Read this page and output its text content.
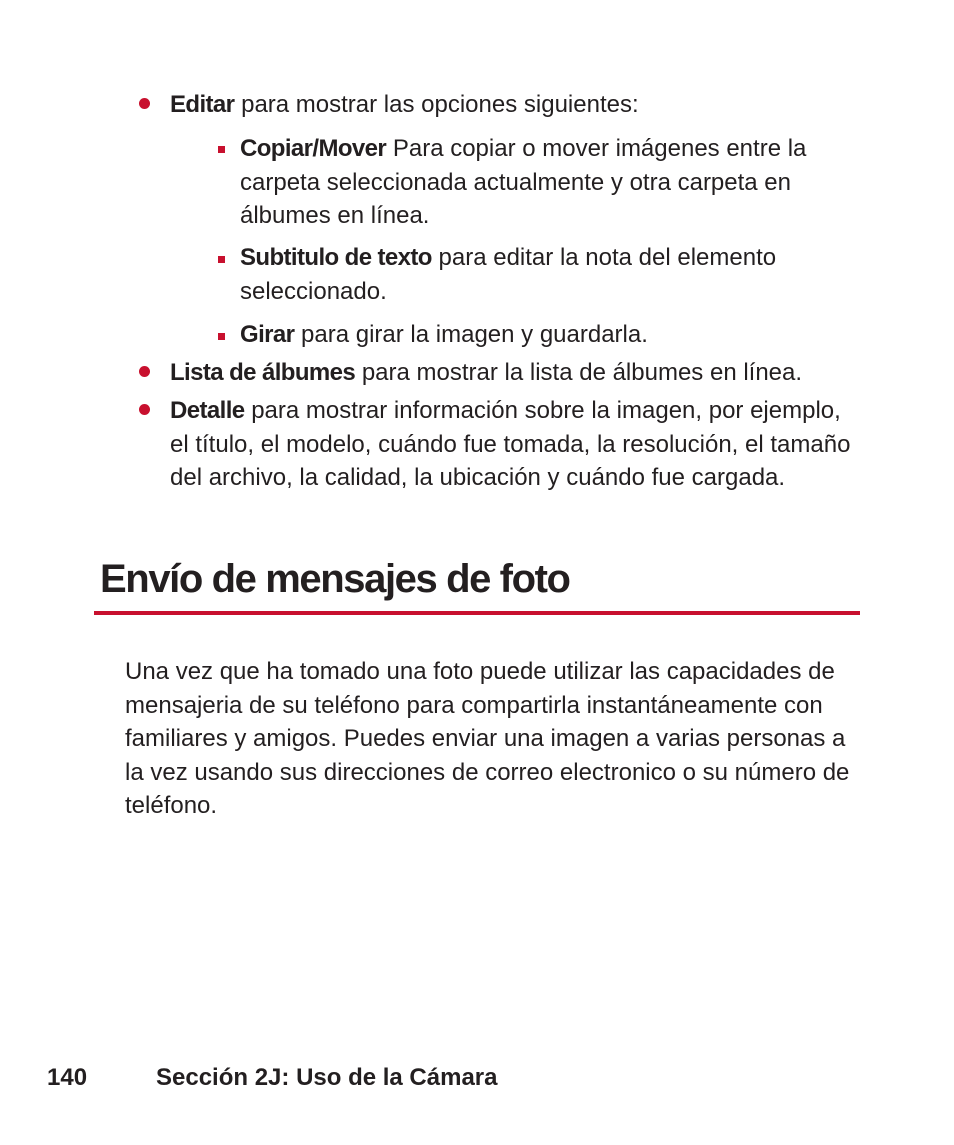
Editar para mostrar las opciones siguientes:
Copiar/Mover Para copiar o mover imágenes entre la carpeta seleccionada actualmente y otra carpeta en álbumes en línea.
Subtitulo de texto para editar la nota del elemento seleccionado.
Girar para girar la imagen y guardarla.
Lista de álbumes para mostrar la lista de álbumes en línea.
Detalle para mostrar información sobre la imagen, por ejemplo, el título, el modelo, cuándo fue tomada, la resolución, el tamaño del archivo, la calidad, la ubicación y cuándo fue cargada.
Envío de mensajes de foto

Una vez que ha tomado una foto puede utilizar las capacidades de mensajeria de su teléfono para compartirla instantáneamente con familiares y amigos. Puedes enviar una imagen a varias personas a la vez usando sus direcciones de correo electronico o su número de teléfono.

140	Sección 2J: Uso de la Cámara
